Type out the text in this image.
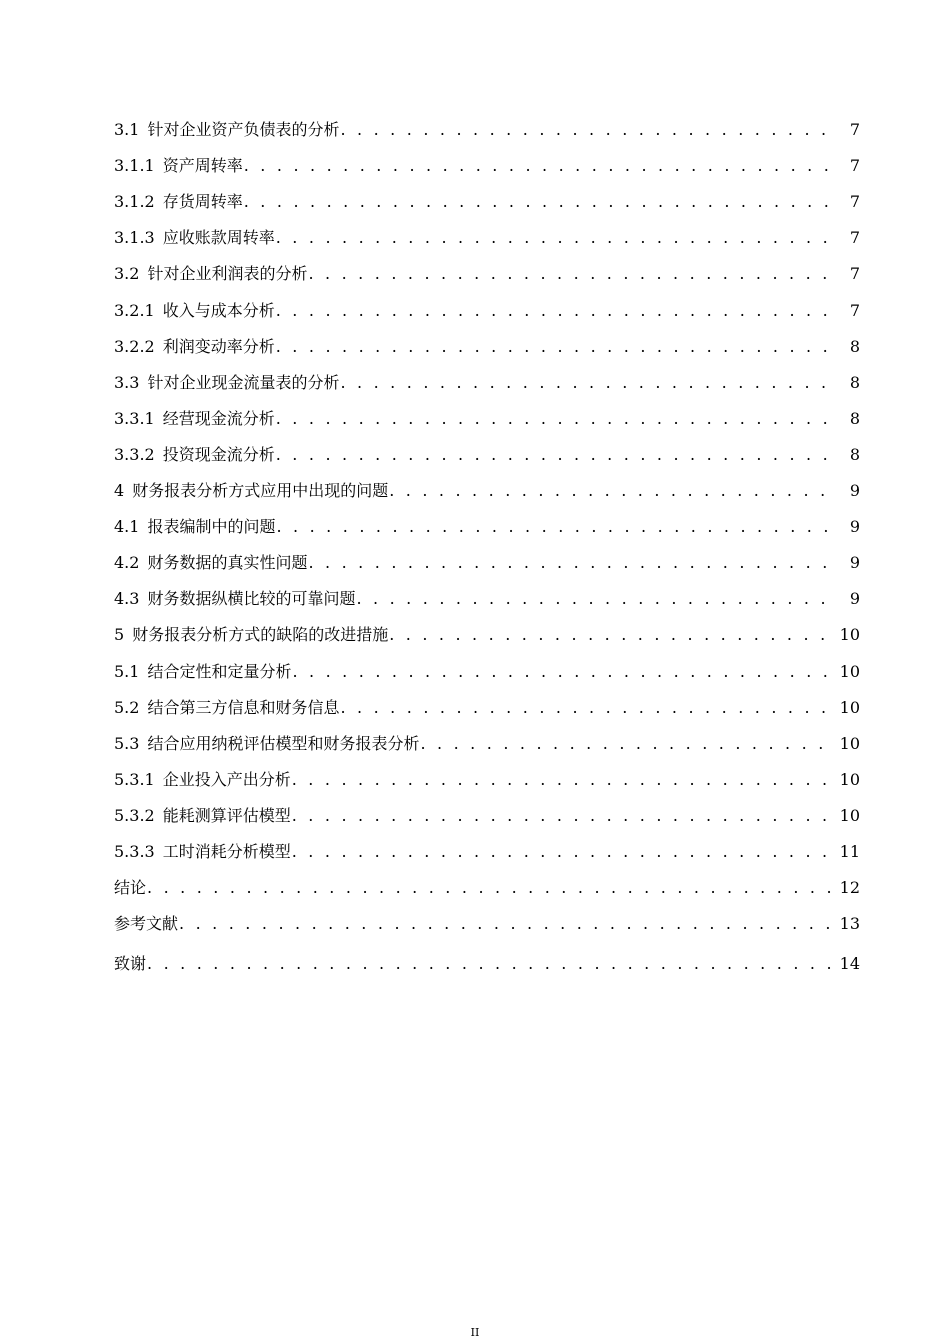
3.1 针对企业资产负债表的分析 . . .	7
3.1.1 资产周转率 . . .	7
3.1.2 存货周转率 . . .	7
3.1.3 应收账款周转率 . . .	7
3.2 针对企业利润表的分析 . . .	7
3.2.1 收入与成本分析 . . .	7
3.2.2 利润变动率分析 . . .	8
3.3 针对企业现金流量表的分析 . . .	8
3.3.1 经营现金流分析 . . .	8
3.3.2 投资现金流分析 . . .	8
4 财务报表分析方式应用中出现的问题 . . .	9
4.1 报表编制中的问题 . . .	9
4.2 财务数据的真实性问题 . . .	9
4.3 财务数据纵横比较的可靠问题 . . .	9
5 财务报表分析方式的缺陷的改进措施 . . .	10
5.1 结合定性和定量分析 . . .	10
5.2 结合第三方信息和财务信息 . . .	10
5.3 结合应用纳税评估模型和财务报表分析 . . .	10
5.3.1 企业投入产出分析 . . .	10
5.3.2 能耗测算评估模型 . . .	10
5.3.3 工时消耗分析模型 . . .	11
结论 . . .	12
参考文献 . . .	13
致谢 . . .	14
II
